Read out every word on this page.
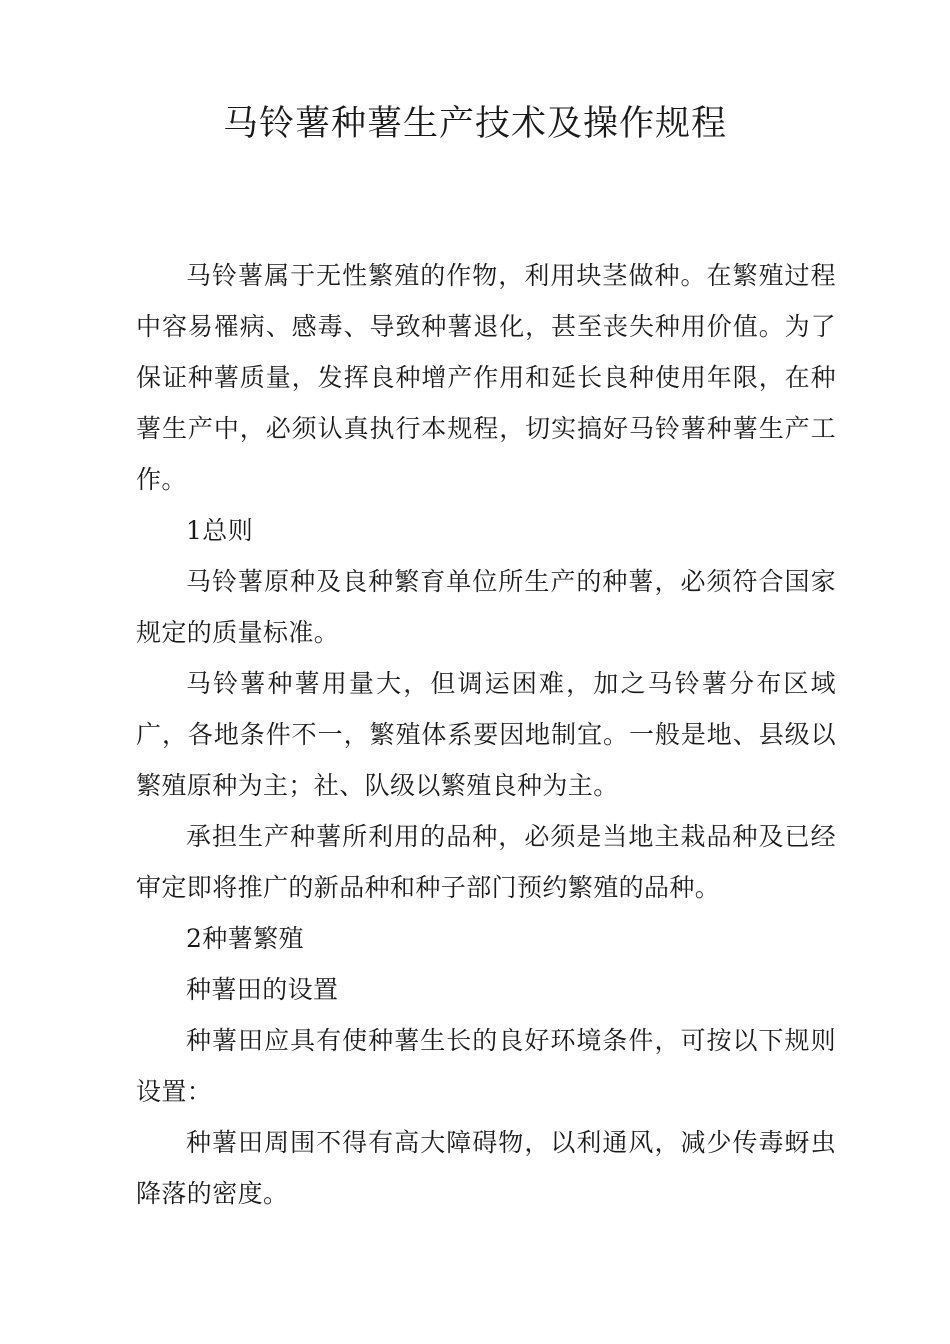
马铃薯种薯生产技术及操作规程

马铃薯属于无性繁殖的作物，利用块茎做种。在繁殖过程中容易罹病、感毒、导致种薯退化，甚至丧失种用价值。为了保证种薯质量，发挥良种增产作用和延长良种使用年限，在种薯生产中，必须认真执行本规程，切实搞好马铃薯种薯生产工作。

1总则

马铃薯原种及良种繁育单位所生产的种薯，必须符合国家规定的质量标准。

马铃薯种薯用量大，但调运困难，加之马铃薯分布区域广，各地条件不一，繁殖体系要因地制宜。一般是地、县级以繁殖原种为主；社、队级以繁殖良种为主。

承担生产种薯所利用的品种，必须是当地主栽品种及已经审定即将推广的新品种和种子部门预约繁殖的品种。

2种薯繁殖

种薯田的设置

种薯田应具有使种薯生长的良好环境条件，可按以下规则设置：

种薯田周围不得有高大障碍物，以利通风，减少传毒蚜虫降落的密度。
